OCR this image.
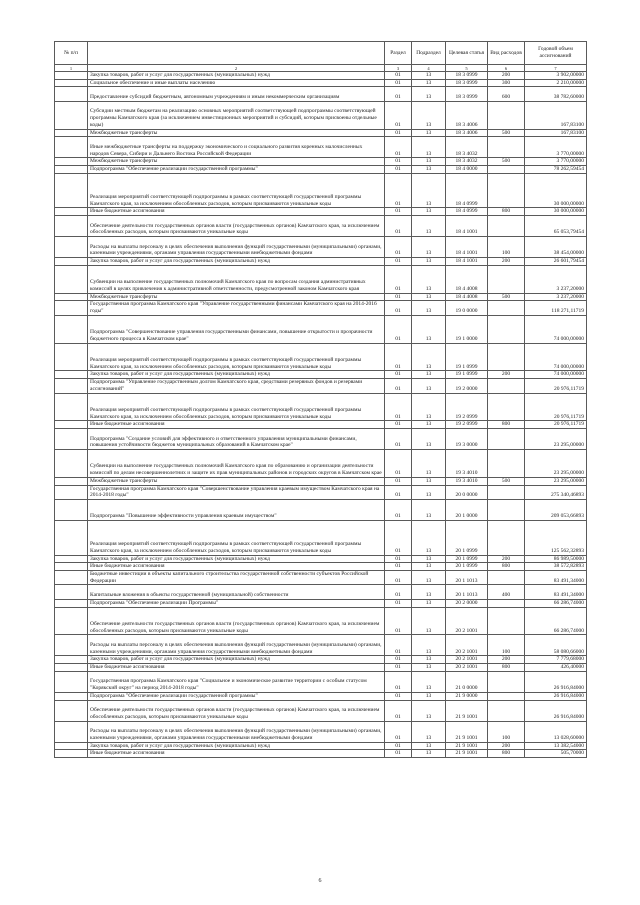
№ п/п		Раздел	Подраздел	Целевая статья	Вид расходов	Годовой объем ассигнований
1	2	3	4	5	6	7
	Закупка товаров, работ и услуг для государственных (муниципальных) нужд	01	13	18 3 0999	200	3 902,00000
	Социальное обеспечение и иные выплаты населению	01	13	18 3 0999	300	2 210,00000
	Предоставление субсидий бюджетным, автономным учреждениям и иным некоммерческим организациям	01	13	18 3 0999	600	38 782,60000
	Субсидии местным бюджетам на реализацию основных мероприятий соответствующей подпрограммы соответствующей программы Камчатского края (за исключением инвестиционных мероприятий и субсидий, которым присвоены отдельные коды)	01	13	18 3 4006		167,83100
	Межбюджетные трансферты	01	13	18 3 4006	500	167,83100
	Иные межбюджетные трансферты на поддержку экономического и социального развития коренных малочисленных народов Севера, Сибири и Дальнего Востока Российской Федерации	01	13	18 3 4032		3 770,00000
	Межбюджетные трансферты	01	13	18 3 4032	500	3 770,00000
	Подпрограмма "Обеспечение реализации государственной программы"	01	13	18 4 0000		78 262,59454
	Реализация мероприятий соответствующей подпрограммы в рамках соответствующей государственной программы Камчатского края, за исключением обособленных расходов, которым присваиваются уникальные коды	01	13	18 4 0999		30 000,00000
	Иные бюджетные ассигнования	01	13	18 4 0999	800	30 000,00000
	Обеспечение деятельности государственных органов власти (государственных органов) Камчатского края, за исключением обособленных расходов, которым присваиваются уникальные коды	01	13	18 4 1001		65 053,79454
	Расходы на выплаты персоналу в целях обеспечения выполнения функций государственными (муниципальными) органами, казенными учреждениями, органами управления государственными внебюджетными фондами	01	13	18 4 1001	100	38 454,00000
	Закупка товаров, работ и услуг для государственных (муниципальных) нужд	01	13	18 4 1001	200	26 601,79454
	Субвенции на выполнение государственных полномочий Камчатского края по вопросам создания административных комиссий в целях привлечения к административной ответственности, предусмотренной законом Камчатского края	01	13	18 4 4008		3 237,20000
	Межбюджетные трансферты	01	13	18 4 4008	500	3 237,20000
	Государственная программа Камчатского края "Управление государственными финансами Камчатского края на 2014-2016 годы"	01	13	19 0 0000		118 271,11719
	Подпрограмма "Совершенствование управления государственными финансами, повышение открытости и прозрачности бюджетного процесса в Камчатском крае"	01	13	19 1 0000		74 000,00000
	Реализация мероприятий соответствующей подпрограммы в рамках соответствующей государственной программы Камчатского края, за исключением обособленных расходов, которым присваиваются уникальные коды	01	13	19 1 0999		74 000,00000
	Закупка товаров, работ и услуг для государственных (муниципальных) нужд	01	13	19 1 0999	200	74 000,00000
	Подпрограмма "Управление государственным долгом Камчатского края, средствами резервных фондов и резервами ассигнований"	01	13	19 2 0000		20 976,11719
	Реализация мероприятий соответствующей подпрограммы в рамках соответствующей государственной программы Камчатского края, за исключением обособленных расходов, которым присваиваются уникальные коды	01	13	19 2 0999		20 976,11719
	Иные бюджетные ассигнования	01	13	19 2 0999	800	20 976,11719
	Подпрограмма "Создание условий для эффективного и ответственного управления муниципальными финансами, повышения устойчивости бюджетов муниципальных образований в Камчатском крае"	01	13	19 3 0000		23 295,00000
	Субвенции на выполнение государственных полномочий Камчатского края по образованию и организации деятельности комиссий по делам несовершеннолетних и защите их прав муниципальных районов и городских округов в Камчатском крае	01	13	19 3 4010		23 295,00000
	Межбюджетные трансферты	01	13	19 3 4010	500	23 295,00000
	Государственная программа Камчатского края "Совершенствование управления краевым имуществом Камчатского края на 2014-2018 годы"	01	13	20 0 0000		275 340,46893
	Подпрограмма "Повышение эффективности управления краевым имуществом"	01	13	20 1 0000		209 053,66893
	Реализация мероприятий соответствующей подпрограммы в рамках соответствующей государственной программы Камчатского края, за исключением обособленных расходов, которым присваиваются уникальные коды	01	13	20 1 0999		125 562,32893
	Закупка товаров, работ и услуг для государственных (муниципальных) нужд	01	13	20 1 0999	200	86 989,50000
	Иные бюджетные ассигнования	01	13	20 1 0999	800	38 572,82893
	Бюджетные инвестиции в объекты капитального строительства государственной собственности субъектов Российской Федерации	01	13	20 1 1013		83 491,34000
	Капитальные вложения в объекты государственной (муниципальной) собственности	01	13	20 1 1013	400	83 491,34000
	Подпрограмма "Обеспечение реализации Программы"	01	13	20 2 0000		66 286,74000
	Обеспечение деятельности государственных органов власти (государственных органов) Камчатского края, за исключением обособленных расходов, которым присваиваются уникальные коды	01	13	20 2 1001		66 286,74000
	Расходы на выплаты персоналу в целях обеспечения выполнения функций государственными (муниципальными) органами, казенными учреждениями, органами управления государственными внебюджетными фондами	01	13	20 2 1001	100	58 080,66000
	Закупка товаров, работ и услуг для государственных (муниципальных) нужд	01	13	20 2 1001	200	7 779,68000
	Иные бюджетные ассигнования	01	13	20 2 1001	800	426,40000
	Государственная программа Камчатского края "Социальное и экономическое развитие территории с особым статусом "Корякский округ" на период 2014-2018 годы"	01	13	21 0 0000		26 916,84000
	Подпрограмма "Обеспечение реализации государственной программы"	01	13	21 9 0000		26 916,84000
	Обеспечение деятельности государственных органов власти (государственных органов) Камчатского края, за исключением обособленных расходов, которым присваиваются уникальные коды	01	13	21 9 1001		26 916,84000
	Расходы на выплаты персоналу в целях обеспечения выполнения функций государственными (муниципальными) органами, казенными учреждениями, органами управления государственными внебюджетными фондами	01	13	21 9 1001	100	13 028,60000
	Закупка товаров, работ и услуг для государственных (муниципальных) нужд	01	13	21 9 1001	200	13 382,54000
	Иные бюджетные ассигнования	01	13	21 9 1001	800	505,70000
6
